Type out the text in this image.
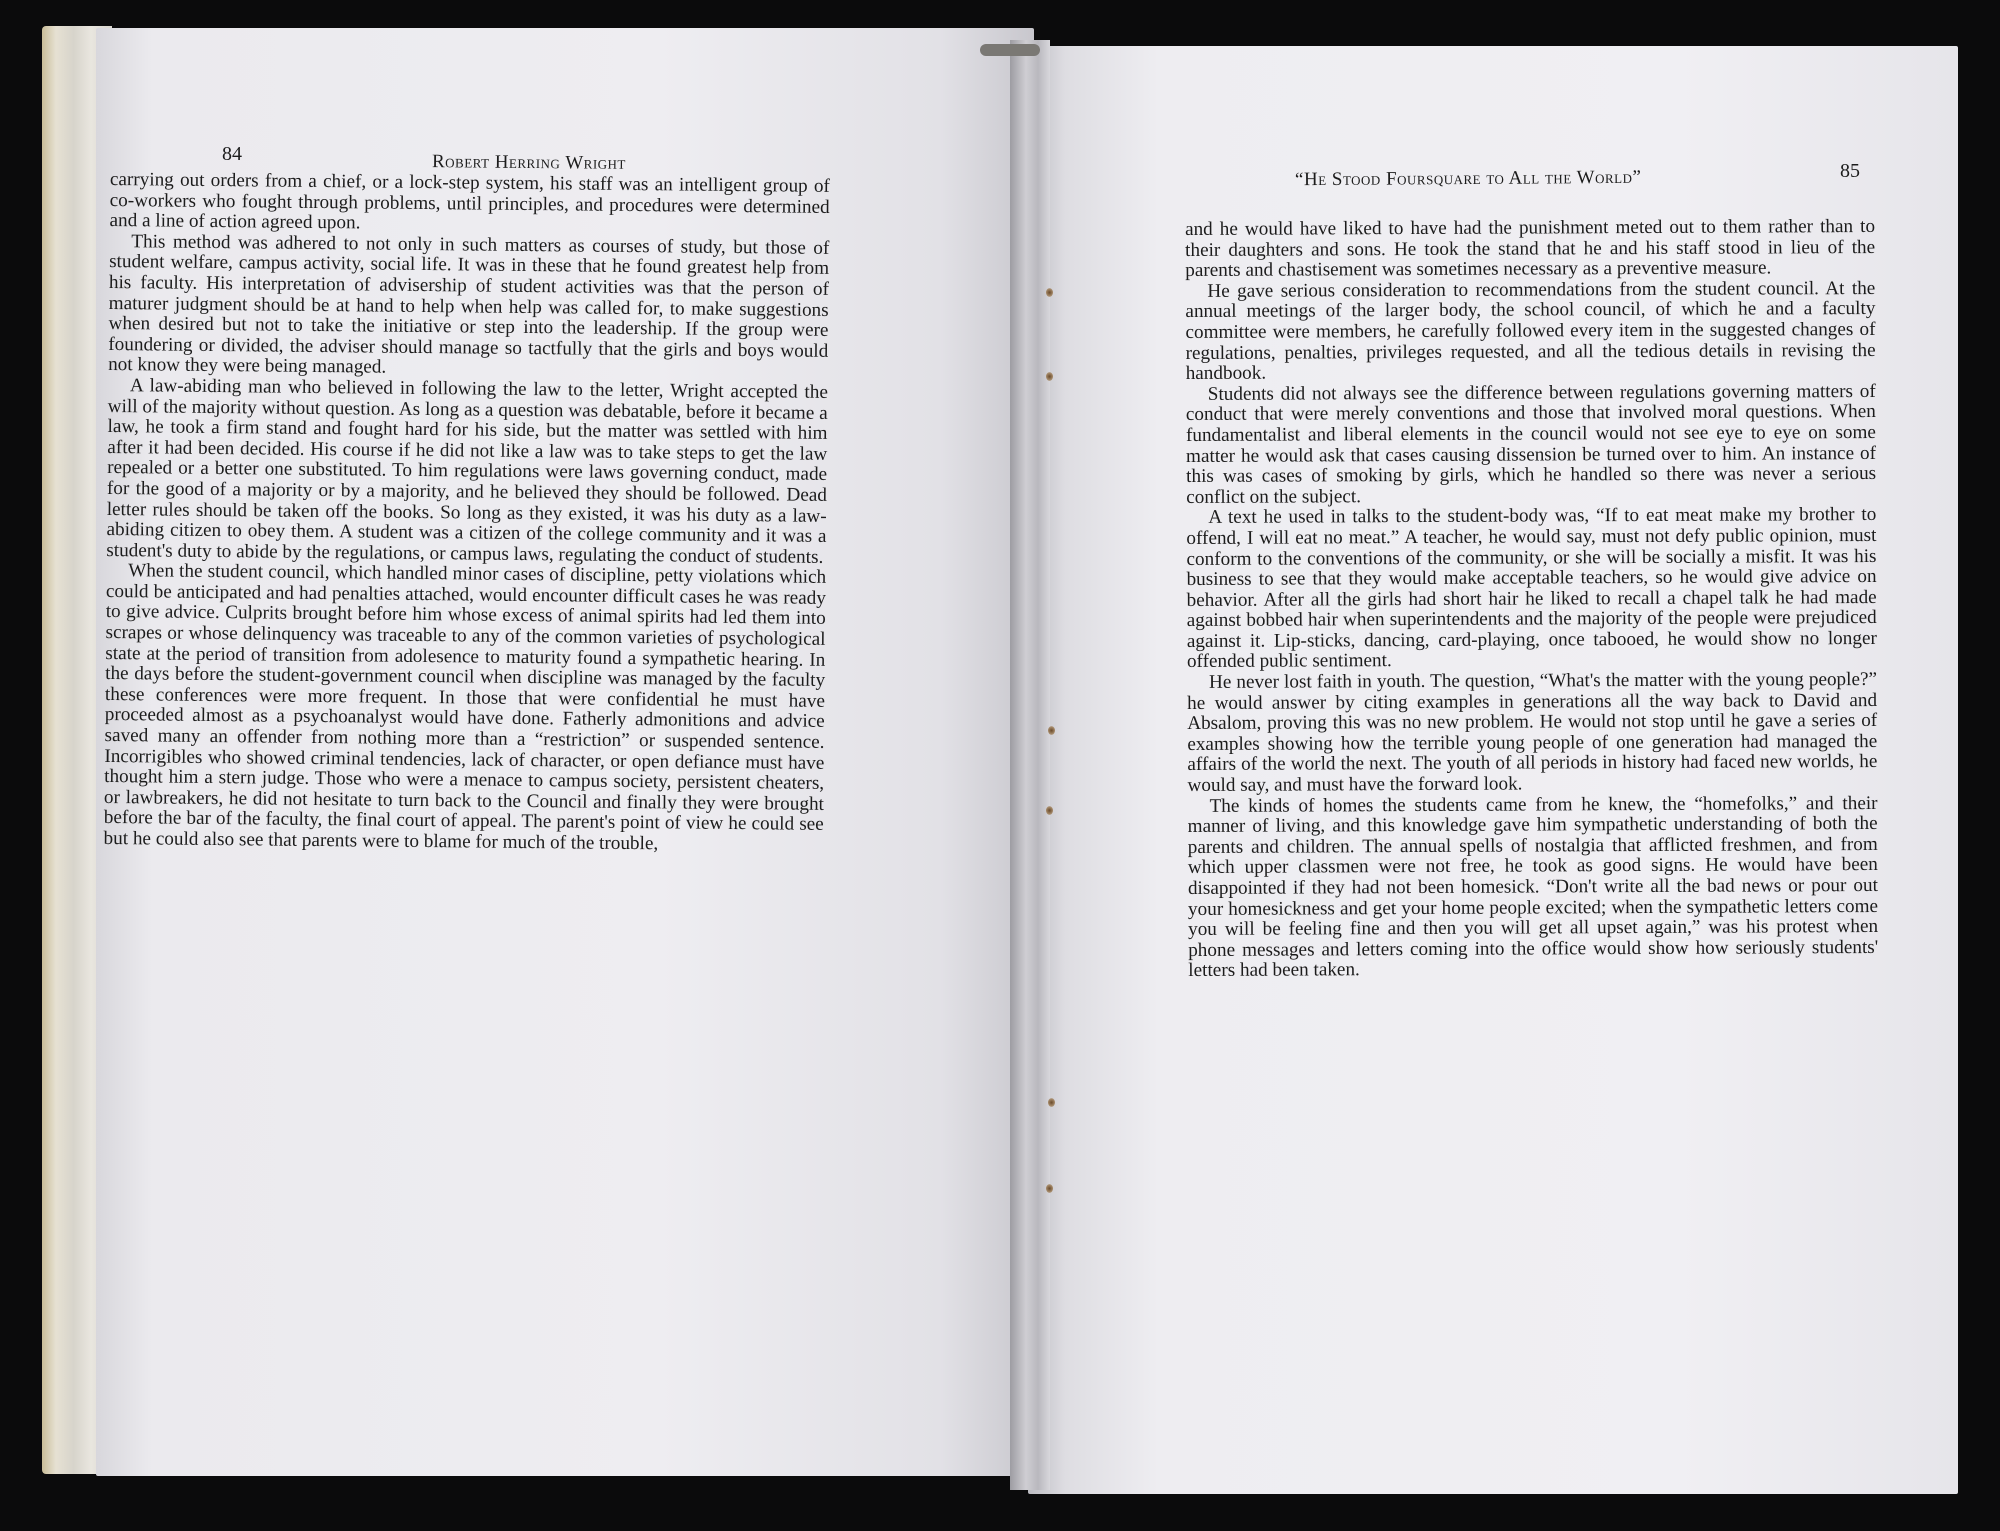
84	Robert Herring Wright	85
“He Stood Foursquare to All the World”

carrying out orders from a chief, or a lock-step system, his staff was an intelligent group of co-workers who fought through problems, until principles, and procedures were determined and a line of action agreed upon.

This method was adhered to not only in such matters as courses of study, but those of student welfare, campus activity, social life. It was in these that he found greatest help from his faculty. His interpretation of advisership of student activities was that the person of maturer judgment should be at hand to help when help was called for, to make suggestions when desired but not to take the initiative or step into the leadership. If the group were foundering or divided, the adviser should manage so tactfully that the girls and boys would not know they were being managed.

A law-abiding man who believed in following the law to the letter, Wright accepted the will of the majority without question. As long as a question was debatable, before it became a law, he took a firm stand and fought hard for his side, but the matter was settled with him after it had been decided. His course if he did not like a law was to take steps to get the law repealed or a better one substituted. To him regulations were laws governing conduct, made for the good of a majority or by a majority, and he believed they should be followed. Dead letter rules should be taken off the books. So long as they existed, it was his duty as a law-abiding citizen to obey them. A student was a citizen of the college community and it was a student's duty to abide by the regulations, or campus laws, regulating the conduct of students.

When the student council, which handled minor cases of discipline, petty violations which could be anticipated and had penalties attached, would encounter difficult cases he was ready to give advice. Culprits brought before him whose excess of animal spirits had led them into scrapes or whose delinquency was traceable to any of the common varieties of psychological state at the period of transition from adolesence to maturity found a sympathetic hearing. In the days before the student-government council when discipline was managed by the faculty these conferences were more frequent. In those that were confidential he must have proceeded almost as a psychoanalyst would have done. Fatherly admonitions and advice saved many an offender from nothing more than a “restriction” or suspended sentence. Incorrigibles who showed criminal tendencies, lack of character, or open defiance must have thought him a stern judge. Those who were a menace to campus society, persistent cheaters, or lawbreakers, he did not hesitate to turn back to the Council and finally they were brought before the bar of the faculty, the final court of appeal. The parent's point of view he could see but he could also see that parents were to blame for much of the trouble,

and he would have liked to have had the punishment meted out to them rather than to their daughters and sons. He took the stand that he and his staff stood in lieu of the parents and chastisement was sometimes necessary as a preventive measure.

He gave serious consideration to recommendations from the student council. At the annual meetings of the larger body, the school council, of which he and a faculty committee were members, he carefully followed every item in the suggested changes of regulations, penalties, privileges requested, and all the tedious details in revising the handbook.

Students did not always see the difference between regulations governing matters of conduct that were merely conventions and those that involved moral questions. When fundamentalist and liberal elements in the council would not see eye to eye on some matter he would ask that cases causing dissension be turned over to him. An instance of this was cases of smoking by girls, which he handled so there was never a serious conflict on the subject.

A text he used in talks to the student-body was, “If to eat meat make my brother to offend, I will eat no meat.” A teacher, he would say, must not defy public opinion, must conform to the conventions of the community, or she will be socially a misfit. It was his business to see that they would make acceptable teachers, so he would give advice on behavior. After all the girls had short hair he liked to recall a chapel talk he had made against bobbed hair when superintendents and the majority of the people were prejudiced against it. Lip-sticks, dancing, card-playing, once tabooed, he would show no longer offended public sentiment.

He never lost faith in youth. The question, “What's the matter with the young people?” he would answer by citing examples in generations all the way back to David and Absalom, proving this was no new problem. He would not stop until he gave a series of examples showing how the terrible young people of one generation had managed the affairs of the world the next. The youth of all periods in history had faced new worlds, he would say, and must have the forward look.

The kinds of homes the students came from he knew, the “homefolks,” and their manner of living, and this knowledge gave him sympathetic understanding of both the parents and children. The annual spells of nostalgia that afflicted freshmen, and from which upper classmen were not free, he took as good signs. He would have been disappointed if they had not been homesick. “Don't write all the bad news or pour out your homesickness and get your home people excited; when the sympathetic letters come you will be feeling fine and then you will get all upset again,” was his protest when phone messages and letters coming into the office would show how seriously students' letters had been taken.
